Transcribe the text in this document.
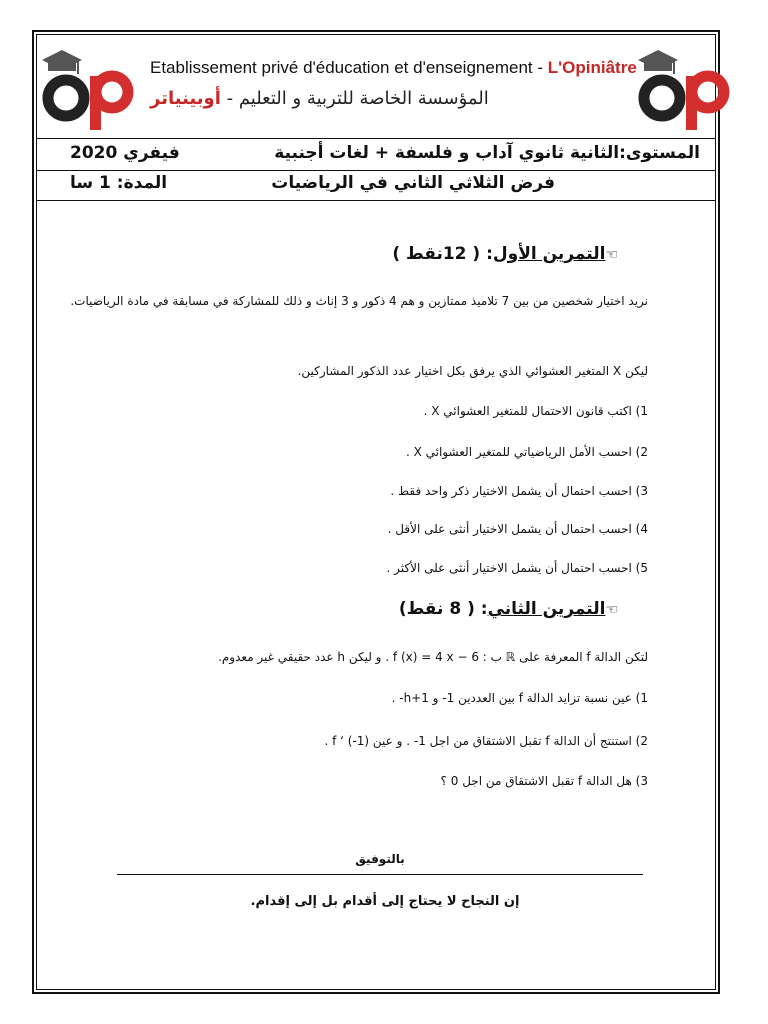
Etablissement privé d'éducation et d'enseignement - L'Opiniâtre
المؤسسة الخاصة للتربية و التعليم - أوبينياتر
المستوى:الثانية ثانوي آداب و فلسفة + لغات أجنبية
فيفري 2020
فرض الثلاثي الثاني في الرياضيات
المدة: 1 سا
☜التمرين الأول: ( 12نقط )
نريد اختيار شخصين من بين 7 تلاميذ ممتازين و هم 4 ذكور و 3 إناث و ذلك للمشاركة في مسابقة في مادة الرياضيات.
ليكن X المتغير العشوائي الذي يرفق بكل اختيار عدد الذكور المشاركين.
1) اكتب قانون الاحتمال للمتغير العشوائي X .
2) احسب الأمل الرياضياتي للمتغير العشوائي X .
3) احسب احتمال أن يشمل الاختيار ذكر واحد فقط .
4) احسب احتمال أن يشمل الاختيار أنثى على الأقل .
5) احسب احتمال أن يشمل الاختيار أنثى على الأكثر .
☜التمرين الثاني: ( 8 نقط)
لتكن الدالة f المعرفة على ℝ ب : f (x) = 4 x − 6 . و ليكن h عدد حقيقي غير معدوم.
1) عين نسبة تزايد الدالة f بين العددين 1- و h+1- .
2) استنتج أن الدالة f تقبل الاشتقاق من اجل 1- . و عين f ‘ (-1) .
3) هل الدالة f تقبل الاشتقاق من اجل 0 ؟
بالتوفيق
إن النجاح لا يحتاج إلى أقدام بل إلى إقدام.
